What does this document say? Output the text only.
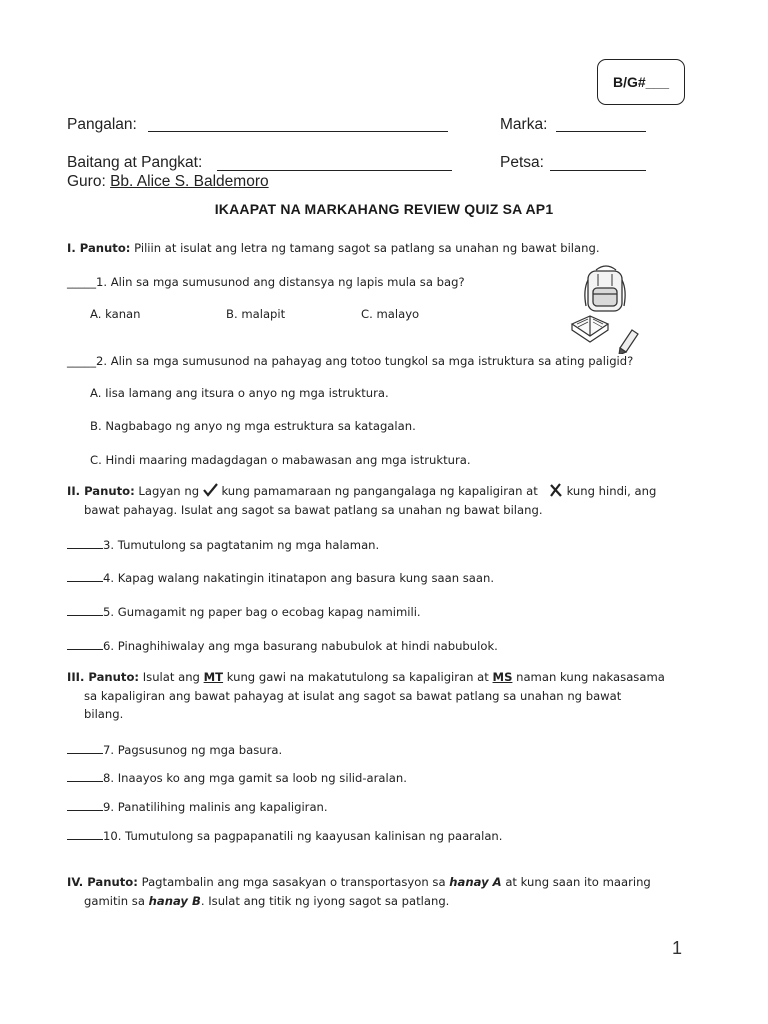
B/G#___
Pangalan:	Marka:
Baitang at Pangkat:	Petsa:
Guro: Bb. Alice S. Baldemoro
IKAAPAT NA MARKAHANG REVIEW QUIZ SA AP1
I. Panuto: Piliin at isulat ang letra ng tamang sagot sa patlang sa unahan ng bawat bilang.
_____1. Alin sa mga sumusunod ang distansya ng lapis mula sa bag?
A. kanan	B. malapit	C. malayo
_____2. Alin sa mga sumusunod na pahayag ang totoo tungkol sa mga istruktura sa ating paligid?
A. Iisa lamang ang itsura o anyo ng mga istruktura.
B. Nagbabago ng anyo ng mga estruktura sa katagalan.
C. Hindi maaring madagdagan o mabawasan ang mga istruktura.
II. Panuto: Lagyan ng kung pamamaraan ng pangangalaga ng kapaligiran at kung hindi, ang
bawat pahayag. Isulat ang sagot sa bawat patlang sa unahan ng bawat bilang.
3. Tumutulong sa pagtatanim ng mga halaman.
4. Kapag walang nakatingin itinatapon ang basura kung saan saan.
5. Gumagamit ng paper bag o ecobag kapag namimili.
6. Pinaghihiwalay ang mga basurang nabubulok at hindi nabubulok.
III. Panuto: Isulat ang MT kung gawi na makatutulong sa kapaligiran at MS naman kung nakasasama
sa kapaligiran ang bawat pahayag at isulat ang sagot sa bawat patlang sa unahan ng bawat
bilang.
7. Pagsusunog ng mga basura.
8. Inaayos ko ang mga gamit sa loob ng silid-aralan.
9. Panatilihing malinis ang kapaligiran.
10. Tumutulong sa pagpapanatili ng kaayusan kalinisan ng paaralan.
IV. Panuto: Pagtambalin ang mga sasakyan o transportasyon sa hanay A at kung saan ito maaring
gamitin sa hanay B. Isulat ang titik ng iyong sagot sa patlang.
1
